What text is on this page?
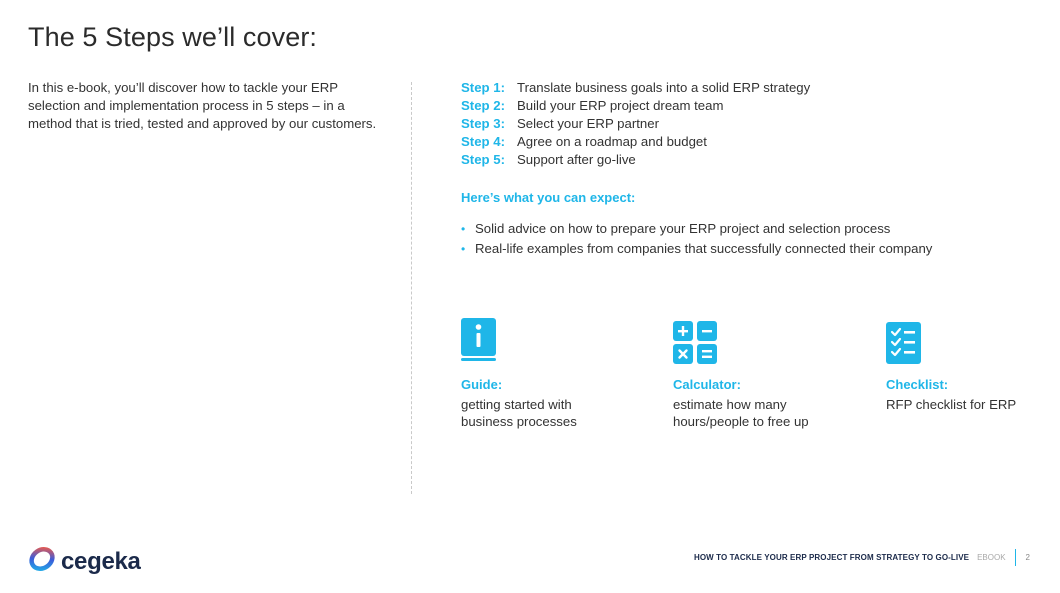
The 5 Steps we’ll cover:

In this e-book, you’ll discover how to tackle your ERP selection and implementation process in 5 steps – in a method that is tried, tested and approved by our customers.

Step 1: Translate business goals into a solid ERP strategy
Step 2: Build your ERP project dream team
Step 3: Select your ERP partner
Step 4: Agree on a roadmap and budget
Step 5: Support after go-live
Here’s what you can expect:
• Solid advice on how to prepare your ERP project and selection process
• Real-life examples from companies that successfully connected their company
Guide:
getting started with business processes
Calculator:
estimate how many hours/people to free up
Checklist:
RFP checklist for ERP
cegeka	HOW TO TACKLE YOUR ERP PROJECT FROM STRATEGY TO GO-LIVE EBOOK	2
